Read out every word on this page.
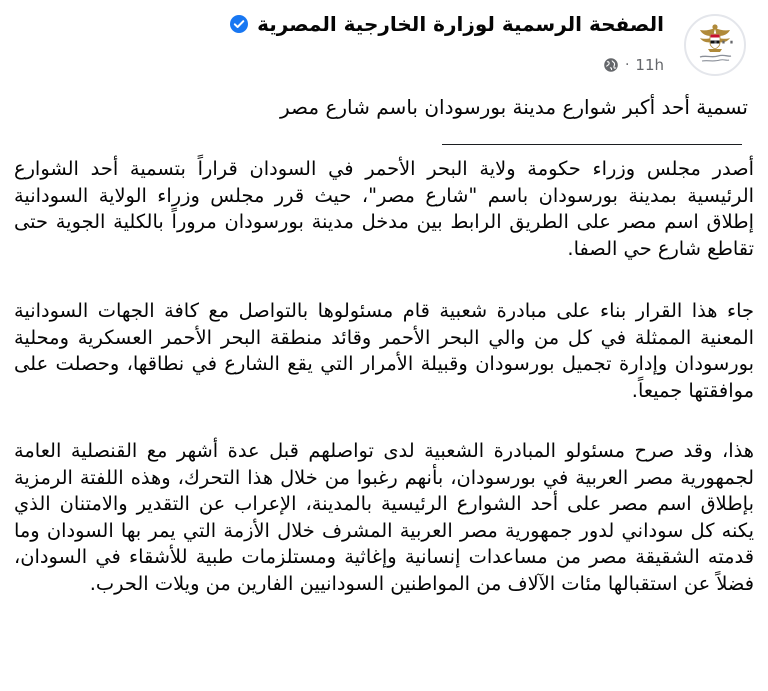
الصفحة الرسمية لوزارة الخارجية المصرية
11h
·
···

تسمية أحد أكبر شوارع مدينة بورسودان باسم شارع مصر

أصدر مجلس وزراء حكومة ولاية البحر الأحمر في السودان قراراً بتسمية أحد الشوارع الرئيسية بمدينة بورسودان باسم "شارع مصر"، حيث قرر مجلس وزراء الولاية السودانية إطلاق اسم مصر على الطريق الرابط بين مدخل مدينة بورسودان مروراً بالكلية الجوية حتى تقاطع شارع حي الصفا.

جاء هذا القرار بناء على مبادرة شعبية قام مسئولوها بالتواصل مع كافة الجهات السودانية المعنية الممثلة في كل من والي البحر الأحمر وقائد منطقة البحر الأحمر العسكرية ومحلية بورسودان وإدارة تجميل بورسودان وقبيلة الأمرار التي يقع الشارع في نطاقها، وحصلت على موافقتها جميعاً.

هذا، وقد صرح مسئولو المبادرة الشعبية لدى تواصلهم قبل عدة أشهر مع القنصلية العامة لجمهورية مصر العربية في بورسودان، بأنهم رغبوا من خلال هذا التحرك، وهذه اللفتة الرمزية بإطلاق اسم مصر على أحد الشوارع الرئيسية بالمدينة، الإعراب عن التقدير والامتنان الذي يكنه كل سوداني لدور جمهورية مصر العربية المشرف خلال الأزمة التي يمر بها السودان وما قدمته الشقيقة مصر من مساعدات إنسانية وإغاثية ومستلزمات طبية للأشقاء في السودان، فضلاً عن استقبالها مئات الآلاف من المواطنين السودانيين الفارين من ويلات الحرب.
